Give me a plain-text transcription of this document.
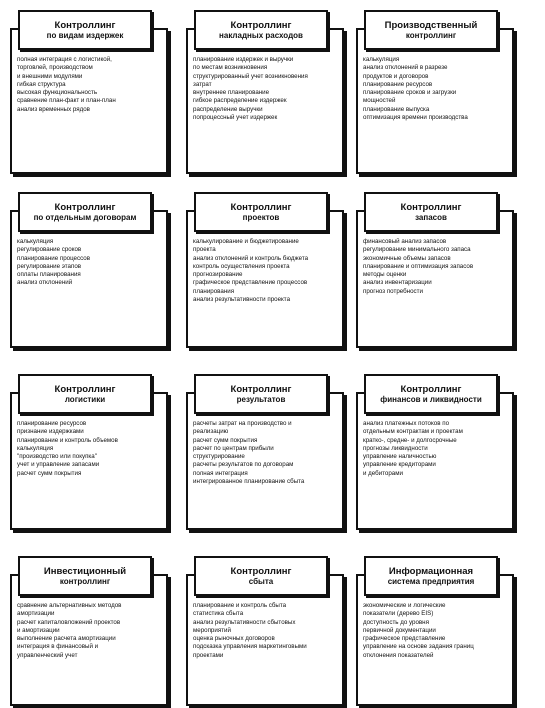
полная интеграция с логистикой,
торговлей, производством
и внешними модулями
гибкая структура
высокая функциональность
сравнение план-факт и план-план
анализ временных рядов
Контроллинг
по видам издержек
планирование издержек и выручки
по местам возникновения
структурированный учет возникновения
затрат
внутреннее планирование
гибкое распределение издержек
распределение выручки
попроцессный учет издержек
Контроллинг
накладных расходов
калькуляция
анализ отклонений в разрезе
продуктов и договоров
планирование ресурсов
планирование сроков и загрузки
мощностей
планирование выпуска
оптимизация времени производства
Производственный
контроллинг
калькуляция
регулирование сроков
планирование процессов
регулирование этапов
оплаты планирования
анализ отклонений
Контроллинг
по отдельным договорам
калькулирование и бюджетирование
проекта
анализ отклонений и контроль бюджета
контроль осуществления проекта
прогнозирование
графическое представление процессов
планирования
анализ результативности проекта
Контроллинг
проектов
финансовый анализ запасов
регулирование минимального запаса
экономичные объемы запасов
планирование и оптимизация запасов
методы оценки
анализ инвентаризации
прогноз потребности
Контроллинг
запасов
планирование ресурсов
признание издержками
планирование и контроль объемов
калькуляция
"производство или покупка"
учет и управление запасами
расчет сумм покрытия
Контроллинг
логистики
расчеты затрат на производство и
реализацию
расчет сумм покрытия
расчет по центрам прибыли
структурирование
расчеты результатов по договорам
полная интеграция
интегрированное планирование сбыта
Контроллинг
результатов
анализ платежных потоков по
отдельным контрактам и проектам
кратко-, средне- и долгосрочные
прогнозы ликвидности
управление наличностью
управление кредиторами
и дебиторами
Контроллинг
финансов и ликвидности
сравнение альтернативных методов
амортизации
расчет капиталовложений проектов
и амортизации
выполнение расчета амортизации
интеграция в финансовый и
управленческий учет
Инвестиционный
контроллинг
планирование и контроль сбыта
статистика сбыта
анализ результативности сбытовых
мероприятий
оценка рыночных договоров
подсказка управления маркетинговыми
проектами
Контроллинг
сбыта
экономические и логические
показатели (дерево EIS)
доступность до уровня
первичной документации
графическое представление
управление на основе задания границ
отклонения показателей
Информационная
система предприятия
